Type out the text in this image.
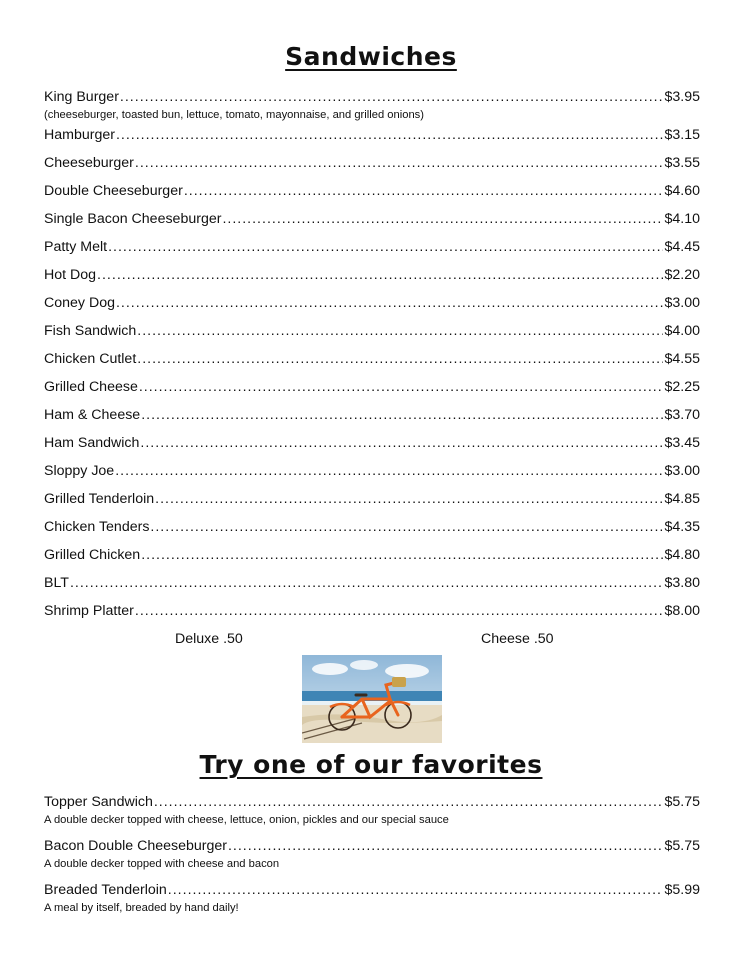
Sandwiches
King Burger .....	$3.95
(cheeseburger, toasted bun, lettuce, tomato, mayonnaise, and grilled onions)
Hamburger .....	$3.15
Cheeseburger .....	$3.55
Double Cheeseburger .....	$4.60
Single Bacon Cheeseburger .....	$4.10
Patty Melt .....	$4.45
Hot Dog .....	$2.20
Coney Dog .....	$3.00
Fish Sandwich .....	$4.00
Chicken Cutlet .....	$4.55
Grilled Cheese .....	$2.25
Ham & Cheese .....	$3.70
Ham Sandwich .....	$3.45
Sloppy Joe .....	$3.00
Grilled Tenderloin .....	$4.85
Chicken Tenders .....	$4.35
Grilled Chicken .....	$4.80
BLT .....	$3.80
Shrimp Platter .....	$8.00
Deluxe .50	Cheese .50
Try one of our favorites
Topper Sandwich .....	$5.75
A double decker topped with cheese, lettuce, onion, pickles and our special sauce
Bacon Double Cheeseburger .....	$5.75
A double decker topped with cheese and bacon
Breaded Tenderloin .....	$5.99
A meal by itself, breaded by hand daily!
